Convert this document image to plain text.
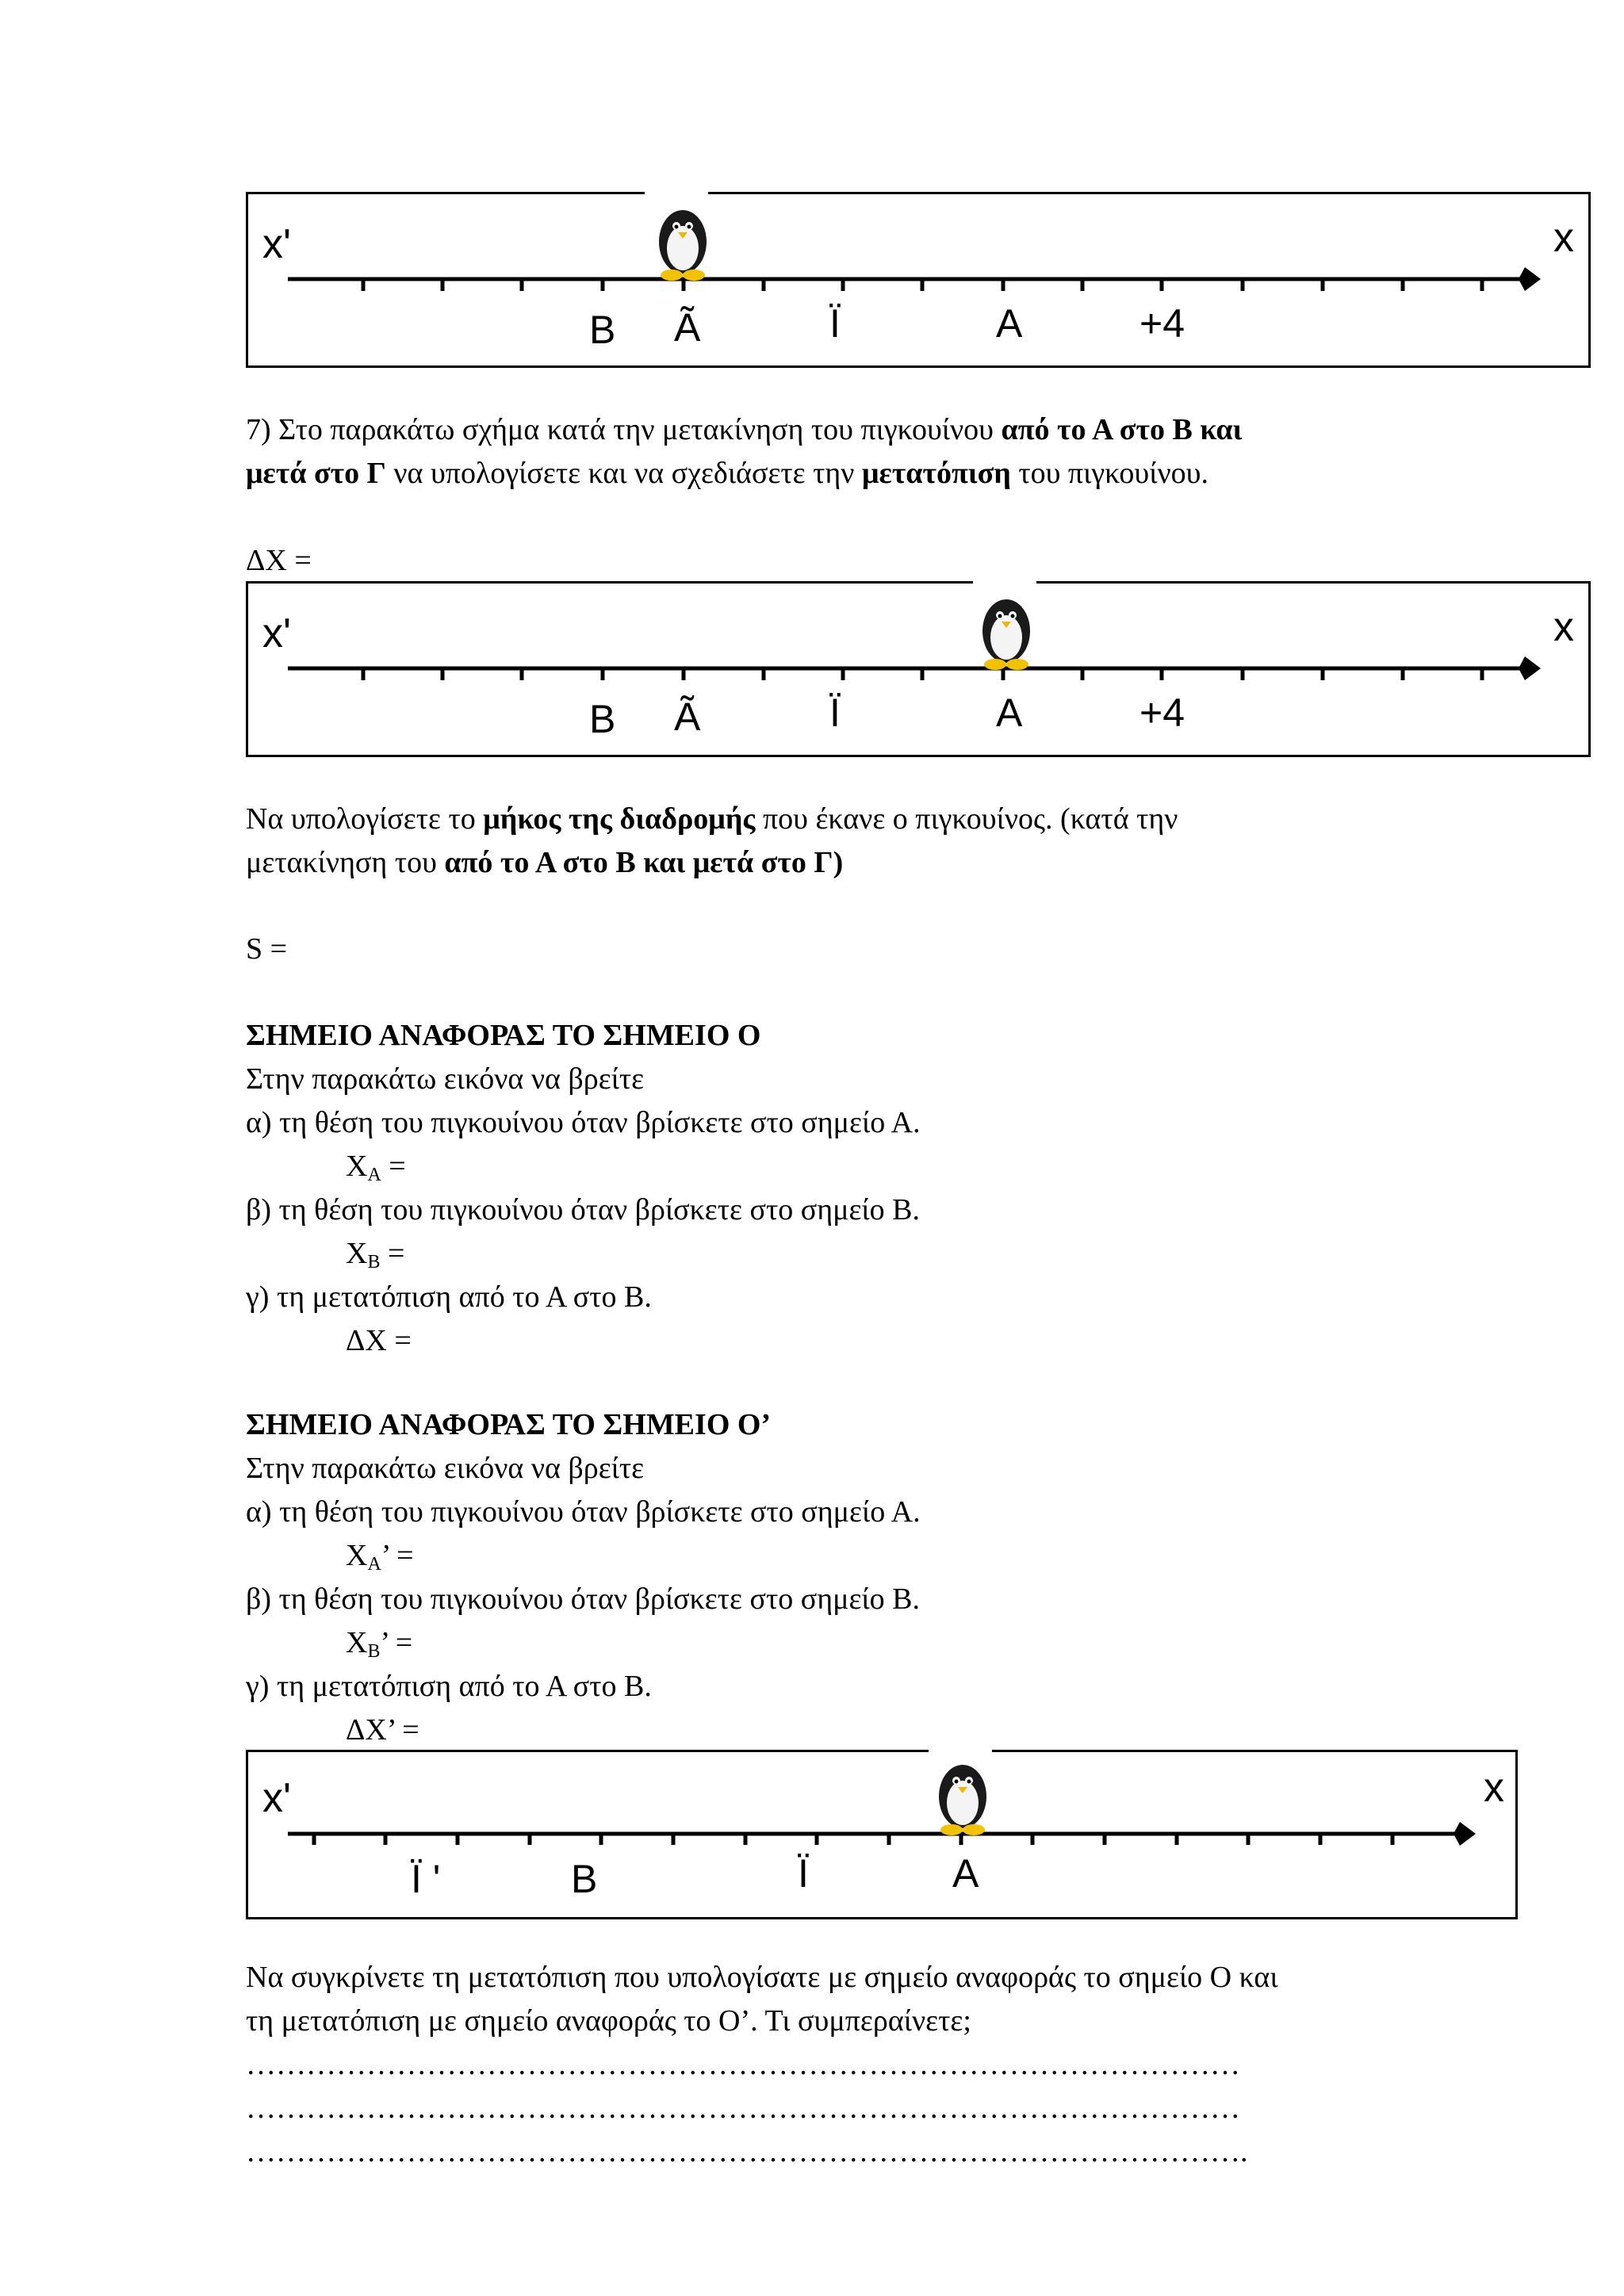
x'	x
B Ã	Ï	A	+4
7) Στο παρακάτω σχήμα κατά την μετακίνηση του πιγκουίνου από το Α στο Β και
μετά στο Γ να υπολογίσετε και να σχεδιάσετε την μετατόπιση του πιγκουίνου.
ΔΧ =
x'	x
B Ã	Ï	A	+4
Να υπολογίσετε το μήκος της διαδρομής που έκανε ο πιγκουίνος. (κατά την
μετακίνηση του από το Α στο Β και μετά στο Γ)
S =
ΣΗΜΕΙΟ ΑΝΑΦΟΡΑΣ ΤΟ ΣΗΜΕΙΟ Ο
Στην παρακάτω εικόνα να βρείτε
α) τη θέση του πιγκουίνου όταν βρίσκετε στο σημείο Α.
$X_A$ =
β) τη θέση του πιγκουίνου όταν βρίσκετε στο σημείο Β.
$X_B$ =
γ) τη μετατόπιση από το Α στο Β.
ΔΧ =
ΣΗΜΕΙΟ ΑΝΑΦΟΡΑΣ ΤΟ ΣΗΜΕΙΟ Ο’
Στην παρακάτω εικόνα να βρείτε
α) τη θέση του πιγκουίνου όταν βρίσκετε στο σημείο Α.
$X_A$’ =
β) τη θέση του πιγκουίνου όταν βρίσκετε στο σημείο Β.
$X_B$’ =
γ) τη μετατόπιση από το Α στο Β.
ΔΧ’ =
x'	x
Ï '	B	Ï	A
Να συγκρίνετε τη μετατόπιση που υπολογίσατε με σημείο αναφοράς το σημείο Ο και
τη μετατόπιση με σημείο αναφοράς το Ο’. Τι συμπεραίνετε;
………………………………………………………………………………………
………………………………………………………………………………………
……………………………………………………………………………………….
